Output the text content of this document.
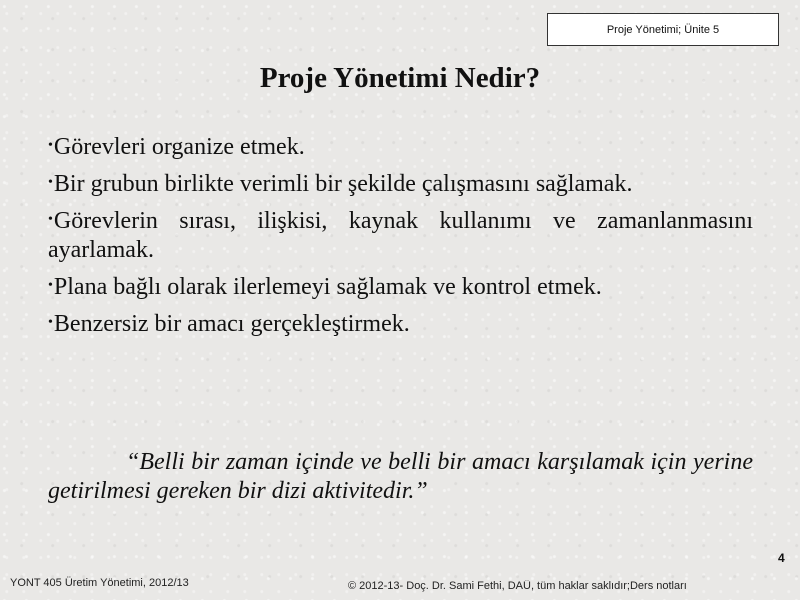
Proje Yönetimi; Ünite 5
Proje Yönetimi Nedir?
•Görevleri organize etmek.
•Bir grubun birlikte verimli bir şekilde çalışmasını sağlamak.
•Görevlerin sırası, ilişkisi, kaynak kullanımı ve zamanlanmasını ayarlamak.
•Plana bağlı olarak ilerlemeyi sağlamak ve kontrol etmek.
•Benzersiz bir amacı gerçekleştirmek.
“Belli bir zaman içinde ve belli bir amacı karşılamak için yerine getirilmesi gereken bir dizi aktivitedir.”
4
YONT 405 Üretim Yönetimi, 2012/13	© 2012-13- Doç. Dr. Sami Fethi, DAÜ, tüm haklar saklıdır;Ders notları
